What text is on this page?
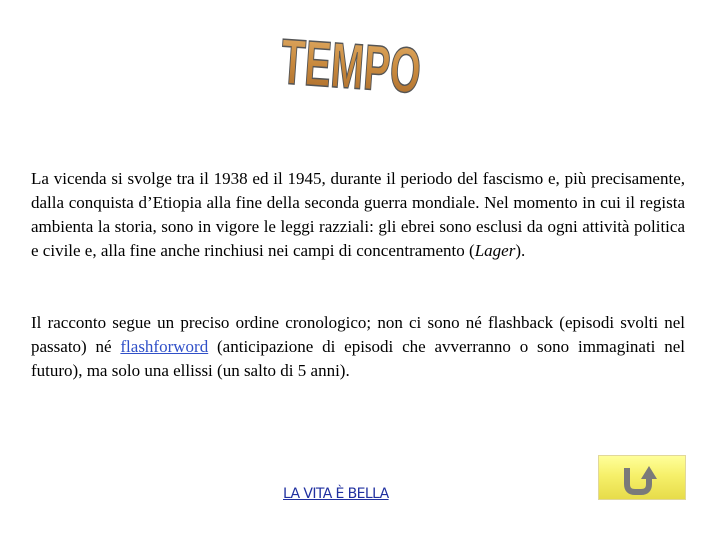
TEMPO

La vicenda si svolge tra il 1938 ed il 1945, durante il periodo del fascismo e, più precisamente, dalla conquista d’Etiopia alla fine della seconda guerra mondiale. Nel momento in cui il regista ambienta la storia, sono in vigore le leggi razziali: gli ebrei sono esclusi da ogni attività politica e civile e, alla fine anche rinchiusi nei campi di concentramento (Lager).

Il racconto segue un preciso ordine cronologico; non ci sono né flashback (episodi svolti nel passato) né flashforword (anticipazione di episodi che avverranno o sono immaginati nel futuro), ma solo una ellissi (un salto di 5 anni).

LA VITA È BELLA
